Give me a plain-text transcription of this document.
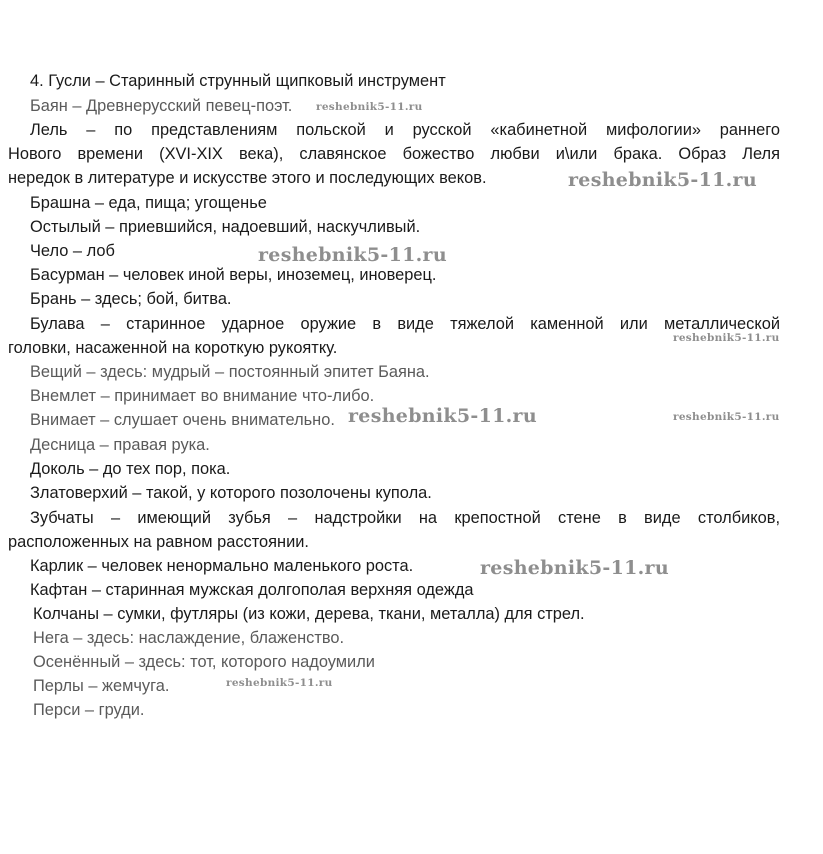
4. Гусли – Старинный струнный щипковый инструмент
Баян – Древнерусский певец-поэт.
Лель – по представлениям польской и русской «кабинетной мифологии» раннего
Нового времени (XVI-XIX века), славянское божество любви и\или брака. Образ Леля
нередок в литературе и искусстве этого и последующих веков.
Брашна – еда, пища; угощенье
Остылый – приевшийся, надоевший, наскучливый.
Чело – лоб
Басурман – человек иной веры, иноземец, иноверец.
Брань – здесь; бой, битва.
Булава – старинное ударное оружие в виде тяжелой каменной или металлической
головки, насаженной на короткую рукоятку.
Вещий – здесь: мудрый – постоянный эпитет Баяна.
Внемлет – принимает во внимание что-либо.
Внимает – слушает очень внимательно.
Десница – правая рука.
Доколь – до тех пор, пока.
Златоверхий – такой, у которого позолочены купола.
Зубчаты – имеющий зубья – надстройки на крепостной стене в виде столбиков,
расположенных на равном расстоянии.
Карлик – человек ненормально маленького роста.
Кафтан – старинная мужская долгополая верхняя одежда
Колчаны – сумки, футляры (из кожи, дерева, ткани, металла) для стрел.
Нега – здесь: наслаждение, блаженство.
Осенённый – здесь: тот, которого надоумили
Перлы – жемчуга.
Перси – груди.
reshebnik5-11.ru
reshebnik5-11.ru
reshebnik5-11.ru
reshebnik5-11.ru
reshebnik5-11.ru	reshebnik5-11.ru
reshebnik5-11.ru
reshebnik5-11.ru
